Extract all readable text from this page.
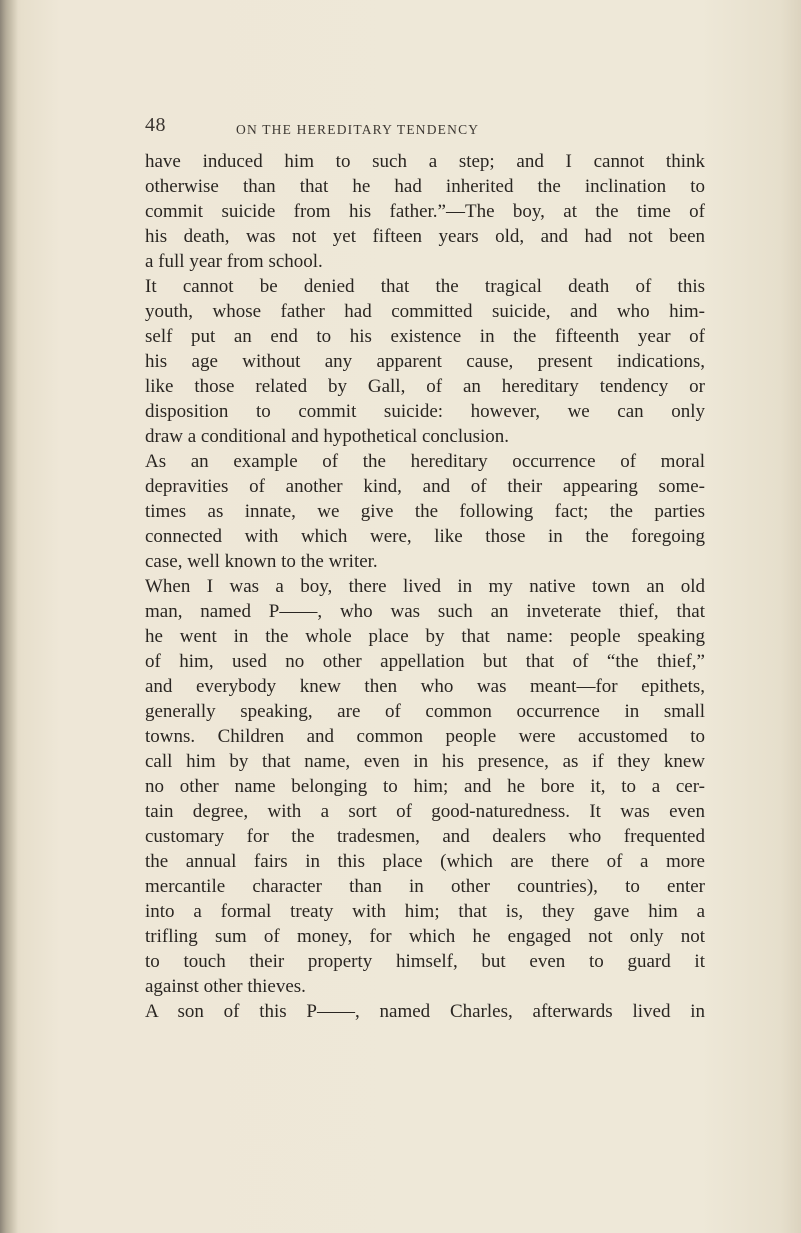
48	ON THE HEREDITARY TENDENCY
have induced him to such a step; and I cannot think
otherwise than that he had inherited the inclination to
commit suicide from his father.”—The boy, at the time of
his death, was not yet fifteen years old, and had not been
a full year from school.
It cannot be denied that the tragical death of this
youth, whose father had committed suicide, and who him-
self put an end to his existence in the fifteenth year of
his age without any apparent cause, present indications,
like those related by Gall, of an hereditary tendency or
disposition to commit suicide: however, we can only
draw a conditional and hypothetical conclusion.
As an example of the hereditary occurrence of moral
depravities of another kind, and of their appearing some-
times as innate, we give the following fact; the parties
connected with which were, like those in the foregoing
case, well known to the writer.
When I was a boy, there lived in my native town an old
man, named P——, who was such an inveterate thief, that
he went in the whole place by that name: people speaking
of him, used no other appellation but that of “the thief,”
and everybody knew then who was meant—for epithets,
generally speaking, are of common occurrence in small
towns. Children and common people were accustomed to
call him by that name, even in his presence, as if they knew
no other name belonging to him; and he bore it, to a cer-
tain degree, with a sort of good-naturedness. It was even
customary for the tradesmen, and dealers who frequented
the annual fairs in this place (which are there of a more
mercantile character than in other countries), to enter
into a formal treaty with him; that is, they gave him a
trifling sum of money, for which he engaged not only not
to touch their property himself, but even to guard it
against other thieves.
A son of this P——, named Charles, afterwards lived in
